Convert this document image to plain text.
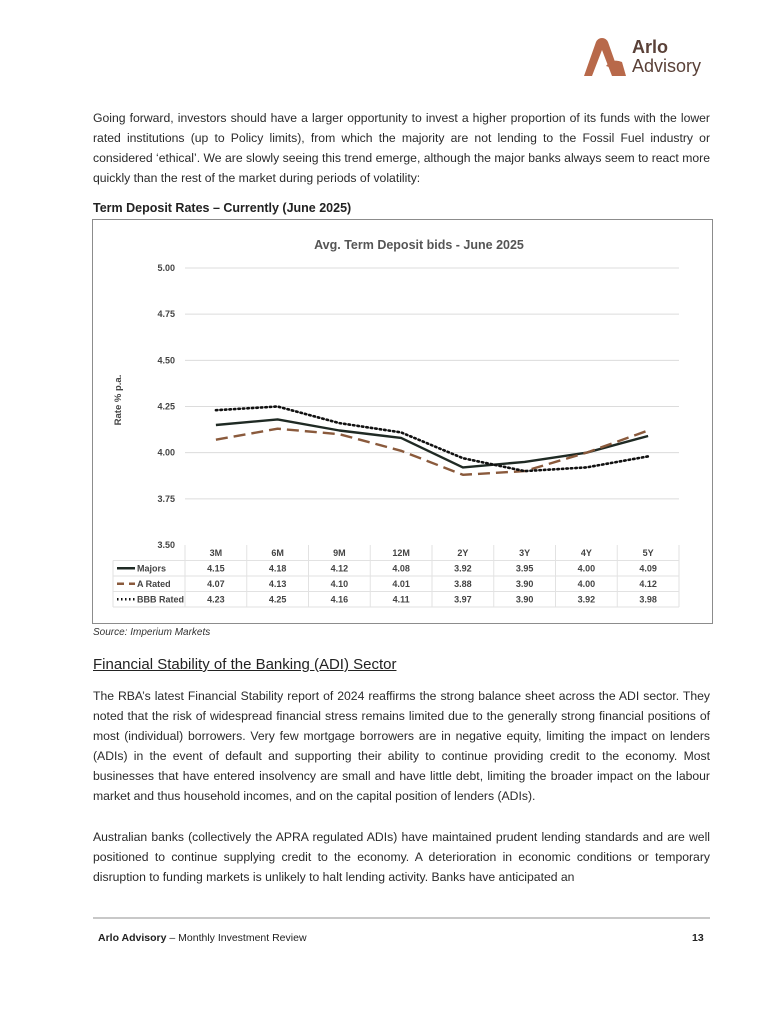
Arlo
Advisory

Going forward, investors should have a larger opportunity to invest a higher proportion of its funds with the lower rated institutions (up to Policy limits), from which the majority are not lending to the Fossil Fuel industry or considered ‘ethical’. We are slowly seeing this trend emerge, although the major banks always seem to react more quickly than the rest of the market during periods of volatility:

Term Deposit Rates – Currently (June 2025)
Avg. Term Deposit bids - June 2025
Rate % p.a.
5.00
4.75
4.50
4.25
4.00
3.75
3.50
3M	6M	9M	12M	2Y	3Y	4Y	5Y
Majors	4.15	4.18	4.12	4.08	3.92	3.95	4.00	4.09
A Rated	4.07	4.13	4.10	4.01	3.88	3.90	4.00	4.12
BBB Rated	4.23	4.25	4.16	4.11	3.97	3.90	3.92	3.98
Source: Imperium Markets
Financial Stability of the Banking (ADI) Sector

The RBA’s latest Financial Stability report of 2024 reaffirms the strong balance sheet across the ADI sector. They noted that the risk of widespread financial stress remains limited due to the generally strong financial positions of most (individual) borrowers. Very few mortgage borrowers are in negative equity, limiting the impact on lenders (ADIs) in the event of default and supporting their ability to continue providing credit to the economy. Most businesses that have entered insolvency are small and have little debt, limiting the broader impact on the labour market and thus household incomes, and on the capital position of lenders (ADIs).

Australian banks (collectively the APRA regulated ADIs) have maintained prudent lending standards and are well positioned to continue supplying credit to the economy. A deterioration in economic conditions or temporary disruption to funding markets is unlikely to halt lending activity. Banks have anticipated an

Arlo Advisory – Monthly Investment Review	13
